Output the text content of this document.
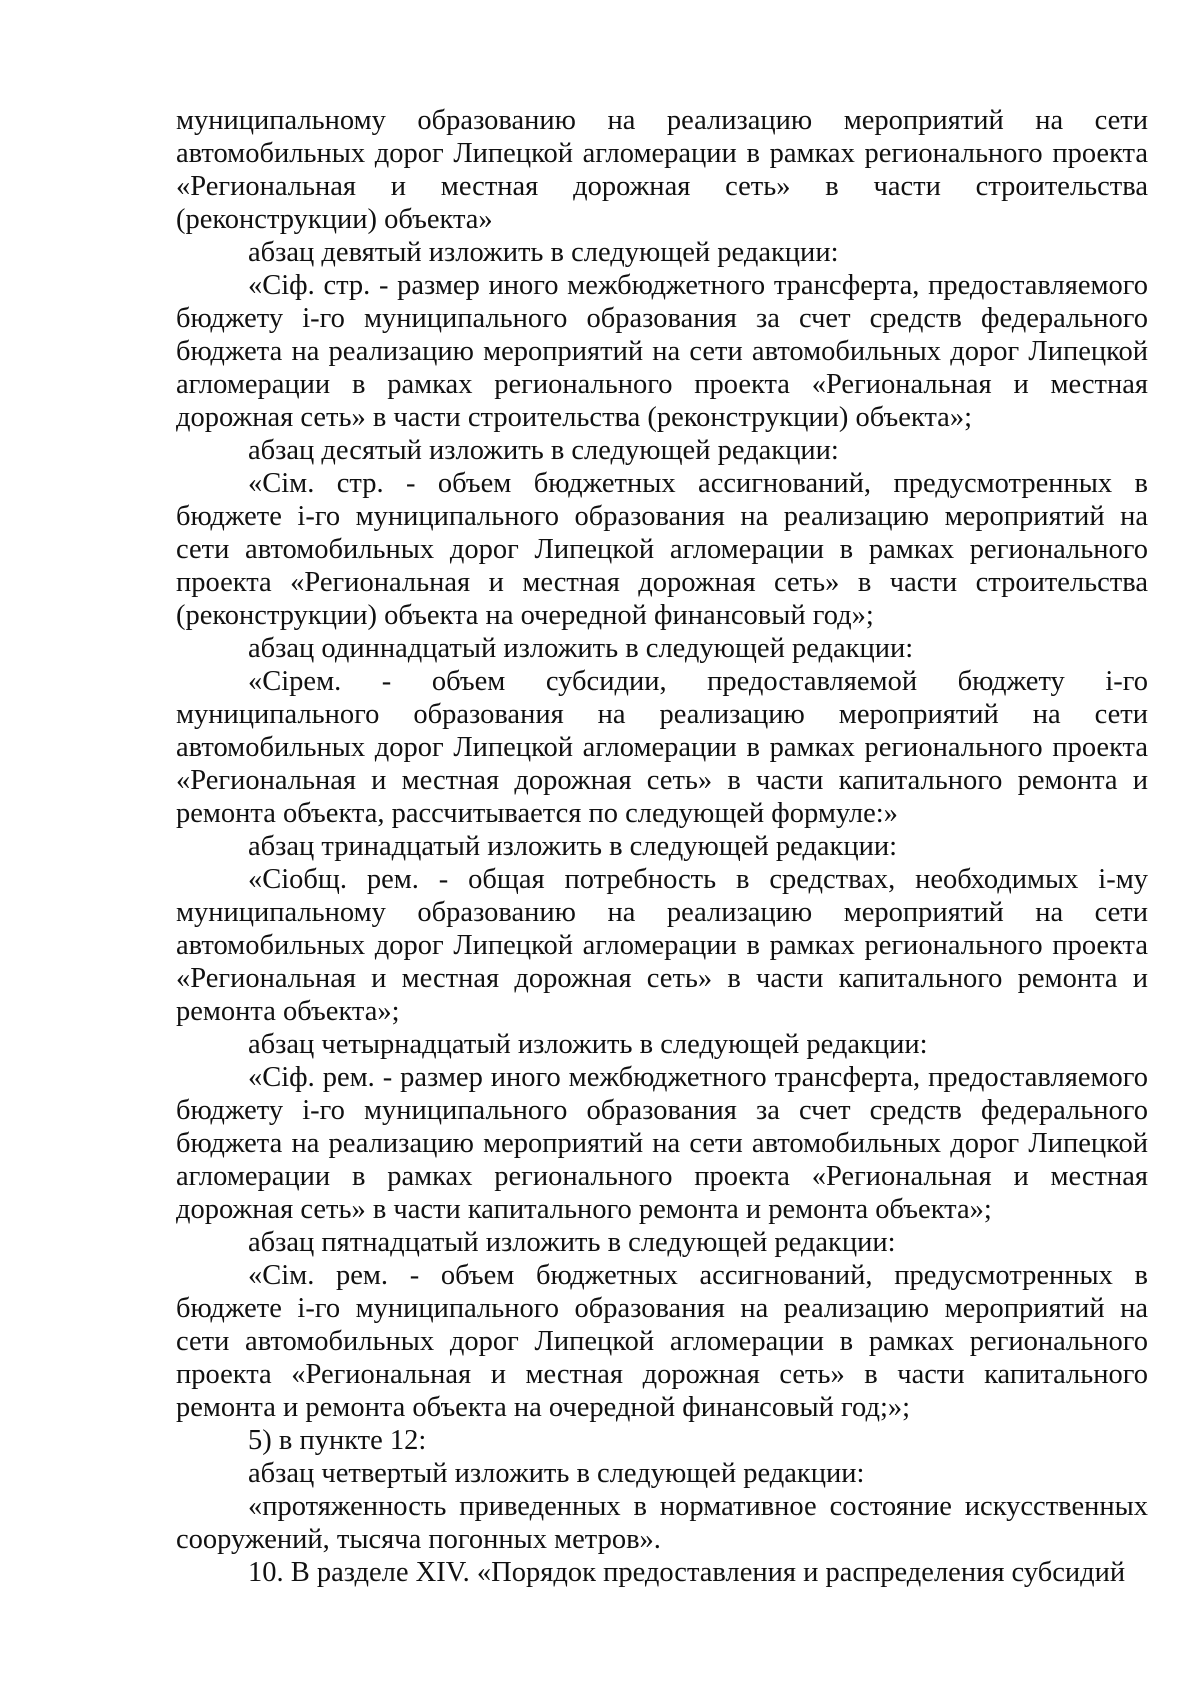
муниципальному образованию на реализацию мероприятий на сети автомобильных дорог Липецкой агломерации в рамках регионального проекта «Региональная и местная дорожная сеть» в части строительства (реконструкции) объекта»

абзац девятый изложить в следующей редакции:

«Сiф. стр. - размер иного межбюджетного трансферта, предоставляемого бюджету i-го муниципального образования за счет средств федерального бюджета на реализацию мероприятий на сети автомобильных дорог Липецкой агломерации в рамках регионального проекта «Региональная и местная дорожная сеть» в части строительства (реконструкции) объекта»;

абзац десятый изложить в следующей редакции:

«Сiм. стр. - объем бюджетных ассигнований, предусмотренных в бюджете i-го муниципального образования на реализацию мероприятий на сети автомобильных дорог Липецкой агломерации в рамках регионального проекта «Региональная и местная дорожная сеть» в части строительства (реконструкции) объекта на очередной финансовый год»;

абзац одиннадцатый изложить в следующей редакции:

«Сiрем. - объем субсидии, предоставляемой бюджету i-го муниципального образования на реализацию мероприятий на сети автомобильных дорог Липецкой агломерации в рамках регионального проекта «Региональная и местная дорожная сеть» в части капитального ремонта и ремонта объекта, рассчитывается по следующей формуле:»

абзац тринадцатый изложить в следующей редакции:

«Сiобщ. рем. - общая потребность в средствах, необходимых i-му муниципальному образованию на реализацию мероприятий на сети автомобильных дорог Липецкой агломерации в рамках регионального проекта «Региональная и местная дорожная сеть» в части капитального ремонта и ремонта объекта»;

абзац четырнадцатый изложить в следующей редакции:

«Сiф. рем. - размер иного межбюджетного трансферта, предоставляемого бюджету i-го муниципального образования за счет средств федерального бюджета на реализацию мероприятий на сети автомобильных дорог Липецкой агломерации в рамках регионального проекта «Региональная и местная дорожная сеть» в части капитального ремонта и ремонта объекта»;

абзац пятнадцатый изложить в следующей редакции:

«Сiм. рем. - объем бюджетных ассигнований, предусмотренных в бюджете i-го муниципального образования на реализацию мероприятий на сети автомобильных дорог Липецкой агломерации в рамках регионального проекта «Региональная и местная дорожная сеть» в части капитального ремонта и ремонта объекта на очередной финансовый год;»;

5) в пункте 12:

абзац четвертый изложить в следующей редакции:

«протяженность приведенных в нормативное состояние искусственных сооружений, тысяча погонных метров».

10. В разделе XIV. «Порядок предоставления и распределения субсидий
